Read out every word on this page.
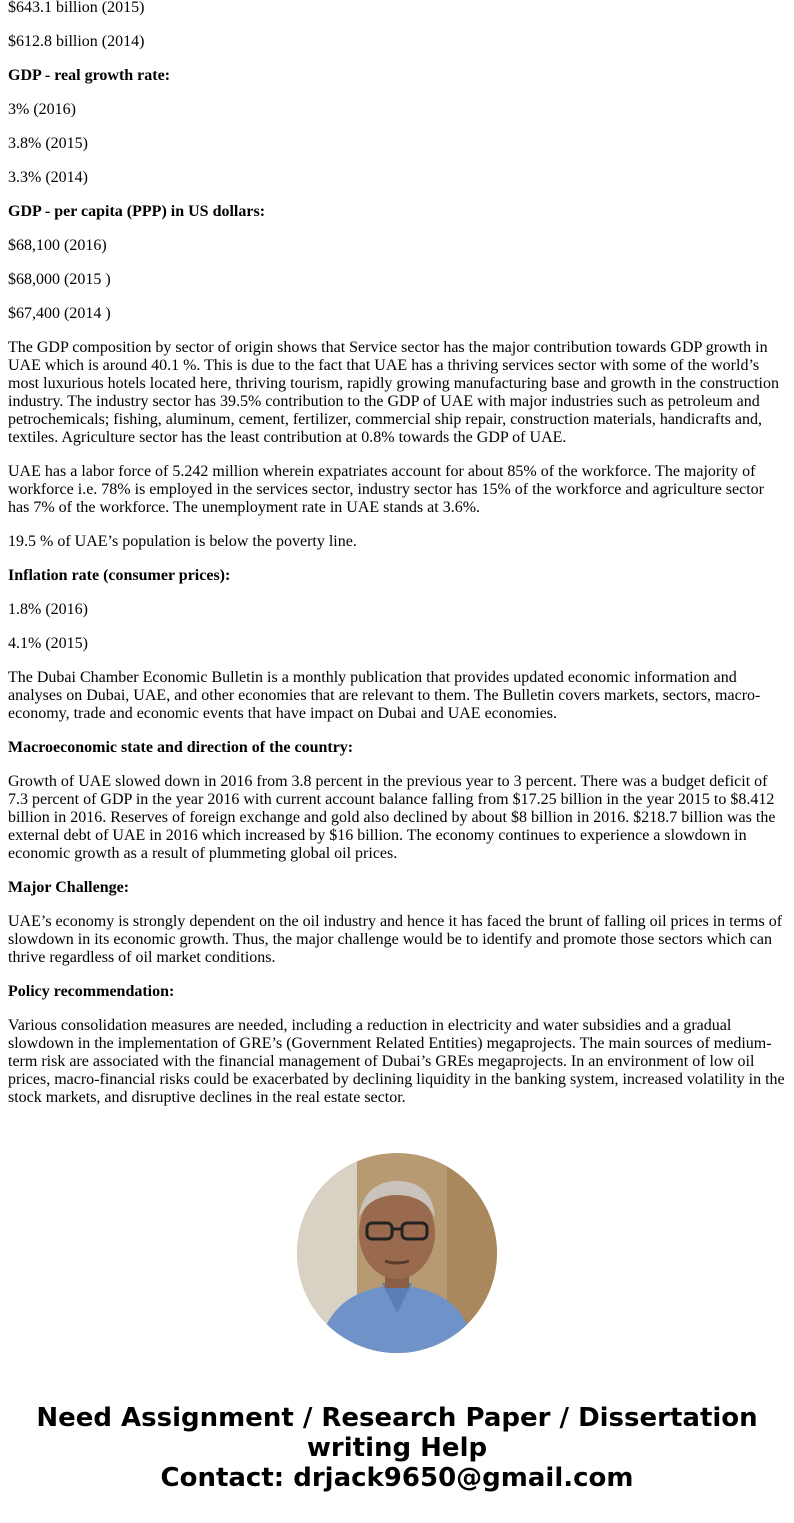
$643.1 billion (2015)

$612.8 billion (2014)

GDP - real growth rate:

3% (2016)

3.8% (2015)

3.3% (2014)

GDP - per capita (PPP) in US dollars:

$68,100 (2016)

$68,000 (2015 )

$67,400 (2014 )

The GDP composition by sector of origin shows that Service sector has the major contribution towards GDP growth in UAE which is around 40.1 %. This is due to the fact that UAE has a thriving services sector with some of the world’s most luxurious hotels located here, thriving tourism, rapidly growing manufacturing base and growth in the construction industry. The industry sector has 39.5% contribution to the GDP of UAE with major industries such as petroleum and petrochemicals; fishing, aluminum, cement, fertilizer, commercial ship repair, construction materials, handicrafts and, textiles. Agriculture sector has the least contribution at 0.8% towards the GDP of UAE.

UAE has a labor force of 5.242 million wherein expatriates account for about 85% of the workforce. The majority of workforce i.e. 78% is employed in the services sector, industry sector has 15% of the workforce and agriculture sector has 7% of the workforce. The unemployment rate in UAE stands at 3.6%.

19.5 % of UAE’s population is below the poverty line.

Inflation rate (consumer prices):

1.8% (2016)

4.1% (2015)

The Dubai Chamber Economic Bulletin is a monthly publication that provides updated economic information and analyses on Dubai, UAE, and other economies that are relevant to them. The Bulletin covers markets, sectors, macro-economy, trade and economic events that have impact on Dubai and UAE economies.

Macroeconomic state and direction of the country:

Growth of UAE slowed down in 2016 from 3.8 percent in the previous year to 3 percent. There was a budget deficit of 7.3 percent of GDP in the year 2016 with current account balance falling from $17.25 billion in the year 2015 to $8.412 billion in 2016. Reserves of foreign exchange and gold also declined by about $8 billion in 2016. $218.7 billion was the external debt of UAE in 2016 which increased by $16 billion. The economy continues to experience a slowdown in economic growth as a result of plummeting global oil prices.

Major Challenge:

UAE’s economy is strongly dependent on the oil industry and hence it has faced the brunt of falling oil prices in terms of slowdown in its economic growth. Thus, the major challenge would be to identify and promote those sectors which can thrive regardless of oil market conditions.

Policy recommendation:

Various consolidation measures are needed, including a reduction in electricity and water subsidies and a gradual slowdown in the implementation of GRE’s (Government Related Entities) megaprojects. The main sources of medium-term risk are associated with the financial management of Dubai’s GREs megaprojects. In an environment of low oil prices, macro-financial risks could be exacerbated by declining liquidity in the banking system, increased volatility in the stock markets, and disruptive declines in the real estate sector.

Need Assignment / Research Paper / Dissertation
writing Help
Contact: drjack9650@gmail.com
